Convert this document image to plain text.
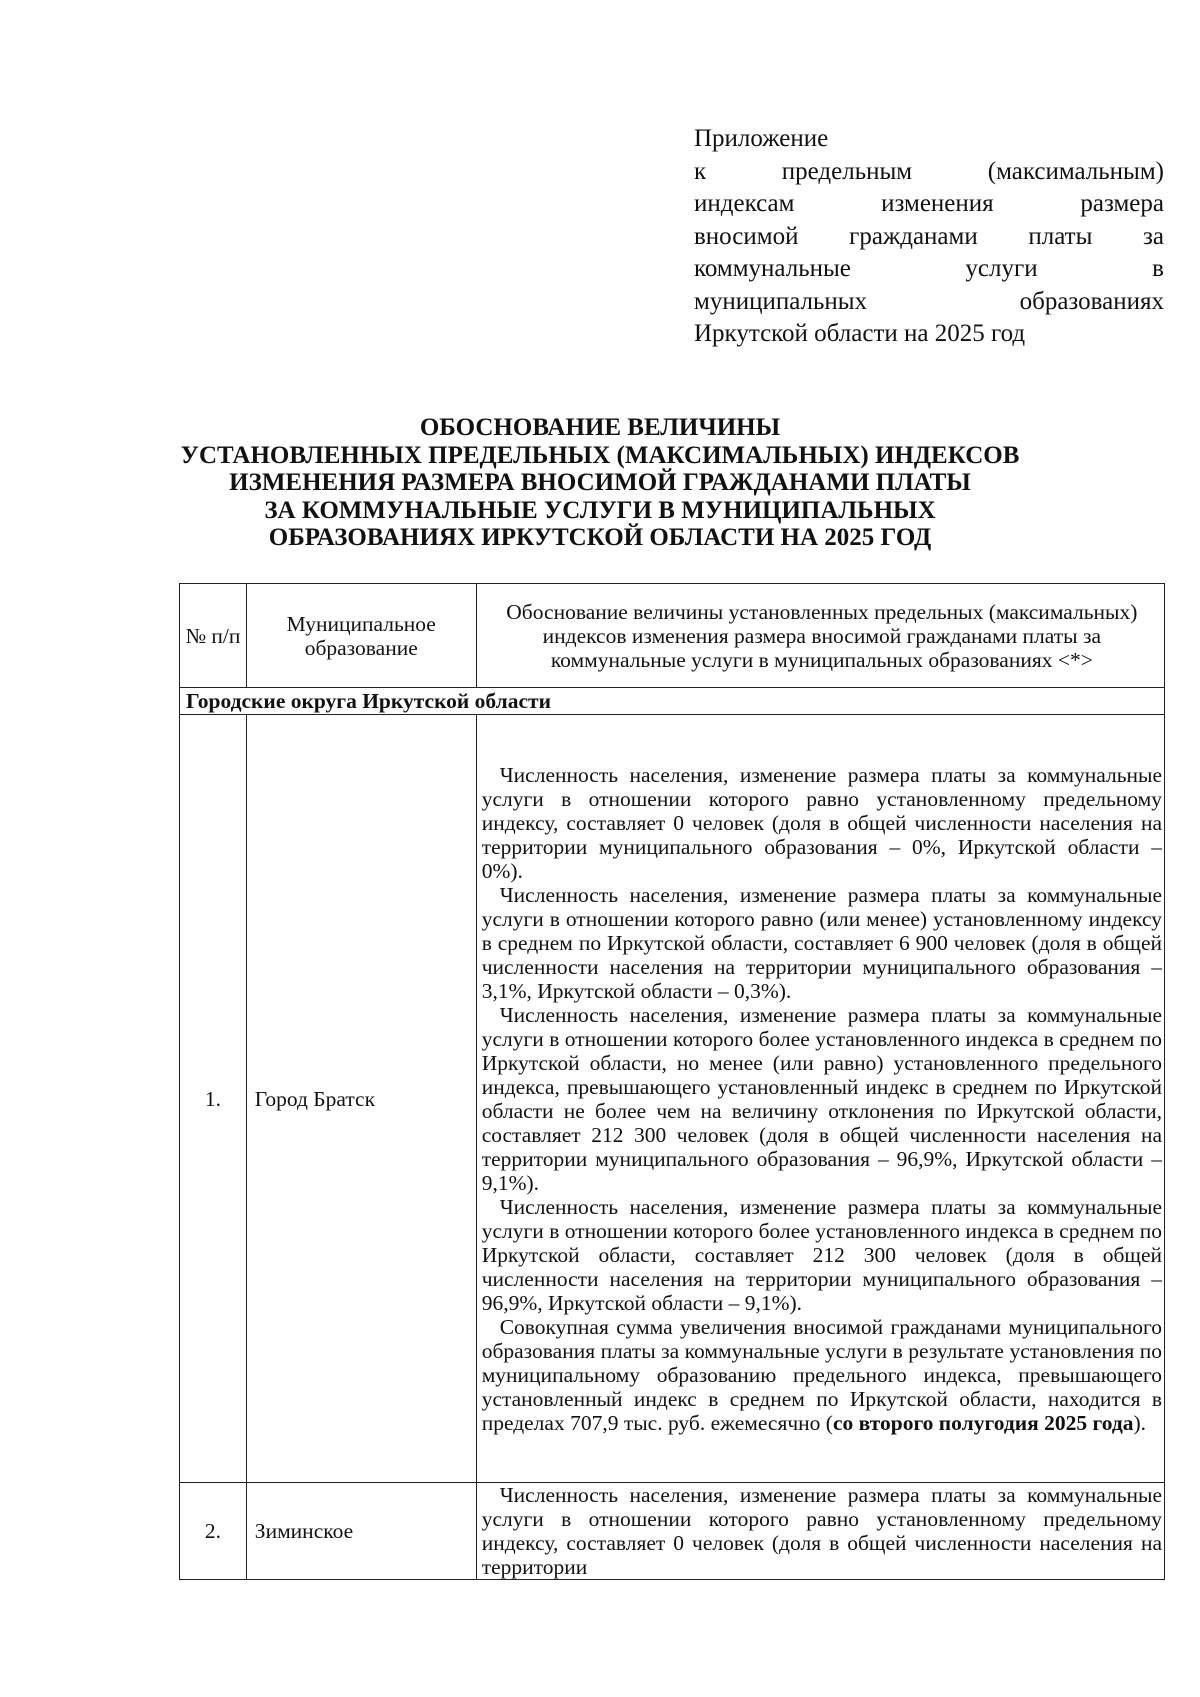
Приложение
к предельным (максимальным)
индексам изменения размера
вносимой гражданами платы за
коммунальные услуги в
муниципальных образованиях
Иркутской области на 2025 год
ОБОСНОВАНИЕ ВЕЛИЧИНЫ
УСТАНОВЛЕННЫХ ПРЕДЕЛЬНЫХ (МАКСИМАЛЬНЫХ) ИНДЕКСОВ
ИЗМЕНЕНИЯ РАЗМЕРА ВНОСИМОЙ ГРАЖДАНАМИ ПЛАТЫ
ЗА КОММУНАЛЬНЫЕ УСЛУГИ В МУНИЦИПАЛЬНЫХ
ОБРАЗОВАНИЯХ ИРКУТСКОЙ ОБЛАСТИ НА 2025 ГОД
№ п/п	Муниципальное образование	Обоснование величины установленных предельных (максимальных) индексов изменения размера вносимой гражданами платы за коммунальные услуги в муниципальных образованиях <*>
Городские округа Иркутской области		
1.	Город Братск	Численность населения, изменение размера платы за коммунальные услуги в отношении которого равно установленному предельному индексу, составляет 0 человек (доля в общей численности населения на территории муниципального образования – 0%, Иркутской области – 0%).

Численность населения, изменение размера платы за коммунальные услуги в отношении которого равно (или менее) установленному индексу в среднем по Иркутской области, составляет 6 900 человек (доля в общей численности населения на территории муниципального образования – 3,1%, Иркутской области – 0,3%).

Численность населения, изменение размера платы за коммунальные услуги в отношении которого более установленного индекса в среднем по Иркутской области, но менее (или равно) установленного предельного индекса, превышающего установленный индекс в среднем по Иркутской области не более чем на величину отклонения по Иркутской области, составляет 212 300 человек (доля в общей численности населения на территории муниципального образования – 96,9%, Иркутской области – 9,1%).

Численность населения, изменение размера платы за коммунальные услуги в отношении которого более установленного индекса в среднем по Иркутской области, составляет 212 300 человек (доля в общей численности населения на территории муниципального образования – 96,9%, Иркутской области – 9,1%).

Совокупная сумма увеличения вносимой гражданами муниципального образования платы за коммунальные услуги в результате установления по муниципальному образованию предельного индекса, превышающего установленный индекс в среднем по Иркутской области, находится в пределах 707,9 тыс. руб. ежемесячно (со второго полугодия 2025 года).

2.	Зиминское	Численность населения, изменение размера платы за коммунальные услуги в отношении которого равно установленному предельному индексу, составляет 0 человек (доля в общей численности населения на территории
